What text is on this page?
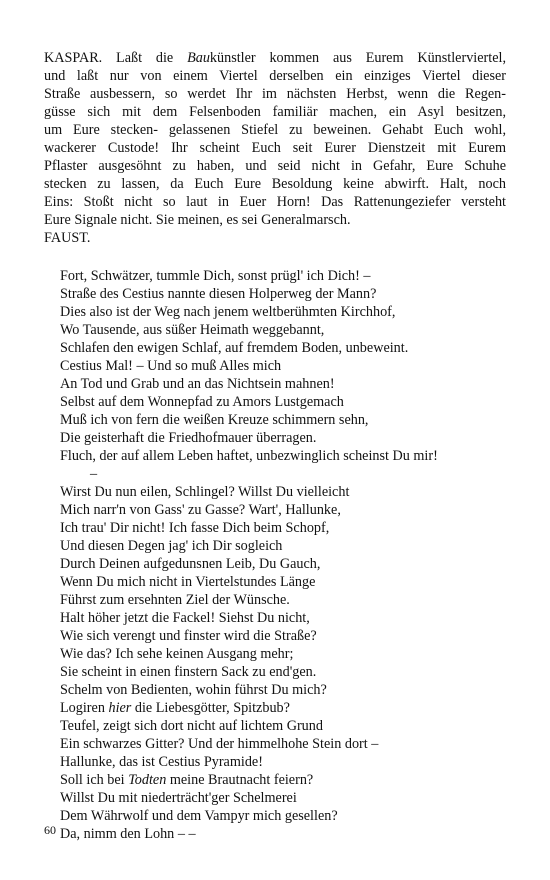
KASPAR. Laßt die Baukünstler kommen aus Eurem Künstlerviertel,
und laßt nur von einem Viertel derselben ein einziges Viertel dieser
Straße ausbessern, so werdet Ihr im nächsten Herbst, wenn die Regen-
güsse sich mit dem Felsenboden familiär machen, ein Asyl besitzen,
um Eure stecken- gelassenen Stiefel zu beweinen. Gehabt Euch wohl,
wackerer Custode! Ihr scheint Euch seit Eurer Dienstzeit mit Eurem
Pflaster ausgesöhnt zu haben, und seid nicht in Gefahr, Eure Schuhe
stecken zu lassen, da Euch Eure Besoldung keine abwirft. Halt, noch
Eins: Stoßt nicht so laut in Euer Horn! Das Rattenungeziefer versteht
Eure Signale nicht. Sie meinen, es sei Generalmarsch.
FAUST.
Fort, Schwätzer, tummle Dich, sonst prügl' ich Dich! –
Straße des Cestius nannte diesen Holperweg der Mann?
Dies also ist der Weg nach jenem weltberühmten Kirchhof,
Wo Tausende, aus süßer Heimath weggebannt,
Schlafen den ewigen Schlaf, auf fremdem Boden, unbeweint.
Cestius Mal! – Und so muß Alles mich
An Tod und Grab und an das Nichtsein mahnen!
Selbst auf dem Wonnepfad zu Amors Lustgemach
Muß ich von fern die weißen Kreuze schimmern sehn,
Die geisterhaft die Friedhofmauer überragen.
Fluch, der auf allem Leben haftet, unbezwinglich scheinst Du mir!
–
Wirst Du nun eilen, Schlingel? Willst Du vielleicht
Mich narr'n von Gass' zu Gasse? Wart', Hallunke,
Ich trau' Dir nicht! Ich fasse Dich beim Schopf,
Und diesen Degen jag' ich Dir sogleich
Durch Deinen aufgedunsnen Leib, Du Gauch,
Wenn Du mich nicht in Viertelstundes Länge
Führst zum ersehnten Ziel der Wünsche.
Halt höher jetzt die Fackel! Siehst Du nicht,
Wie sich verengt und finster wird die Straße?
Wie das? Ich sehe keinen Ausgang mehr;
Sie scheint in einen finstern Sack zu end'gen.
Schelm von Bedienten, wohin führst Du mich?
Logiren hier die Liebesgötter, Spitzbub?
Teufel, zeigt sich dort nicht auf lichtem Grund
Ein schwarzes Gitter? Und der himmelhohe Stein dort –
Hallunke, das ist Cestius Pyramide!
Soll ich bei Todten meine Brautnacht feiern?
Willst Du mit niederträcht'ger Schelmerei
Dem Währwolf und dem Vampyr mich gesellen?
Da, nimm den Lohn – –
60
